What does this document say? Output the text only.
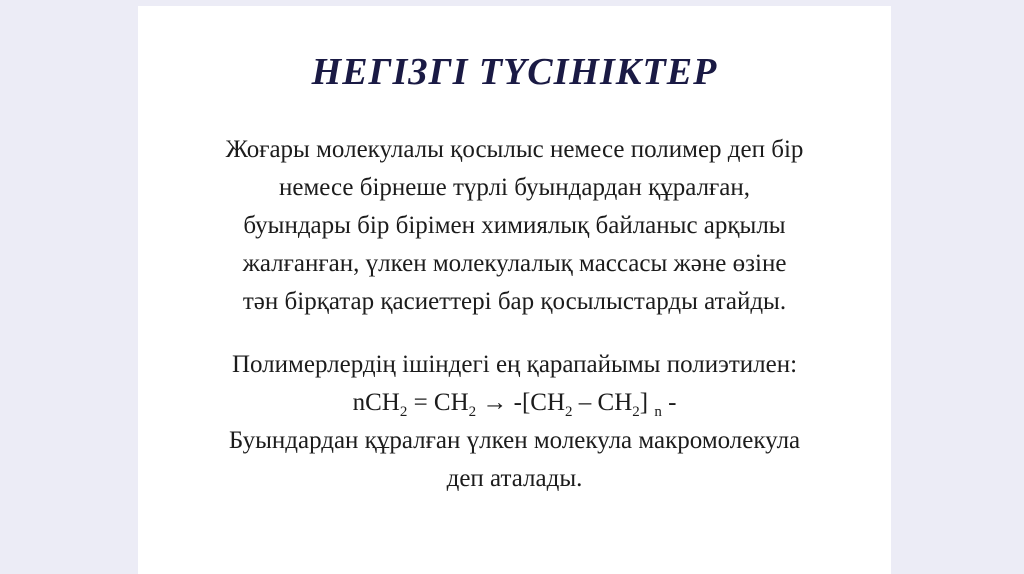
НЕГІЗГІ ТҮСІНІКТЕР

Жоғары молекулалы қосылыс немесе полимер деп бір
немесе бірнеше түрлі буындардан құралған,
буындары бір бірімен химиялық байланыс арқылы
жалғанған, үлкен молекулалық массасы және өзіне
тән бірқатар қасиеттері бар қосылыстарды атайды.

Полимерлердің ішіндегі ең қарапайымы полиэтилен:
$nCH_2 = CH_2 \to -[CH_2 - CH_2]$ $_n$ -
Буындардан құралған үлкен молекула макромолекула
деп аталады.
